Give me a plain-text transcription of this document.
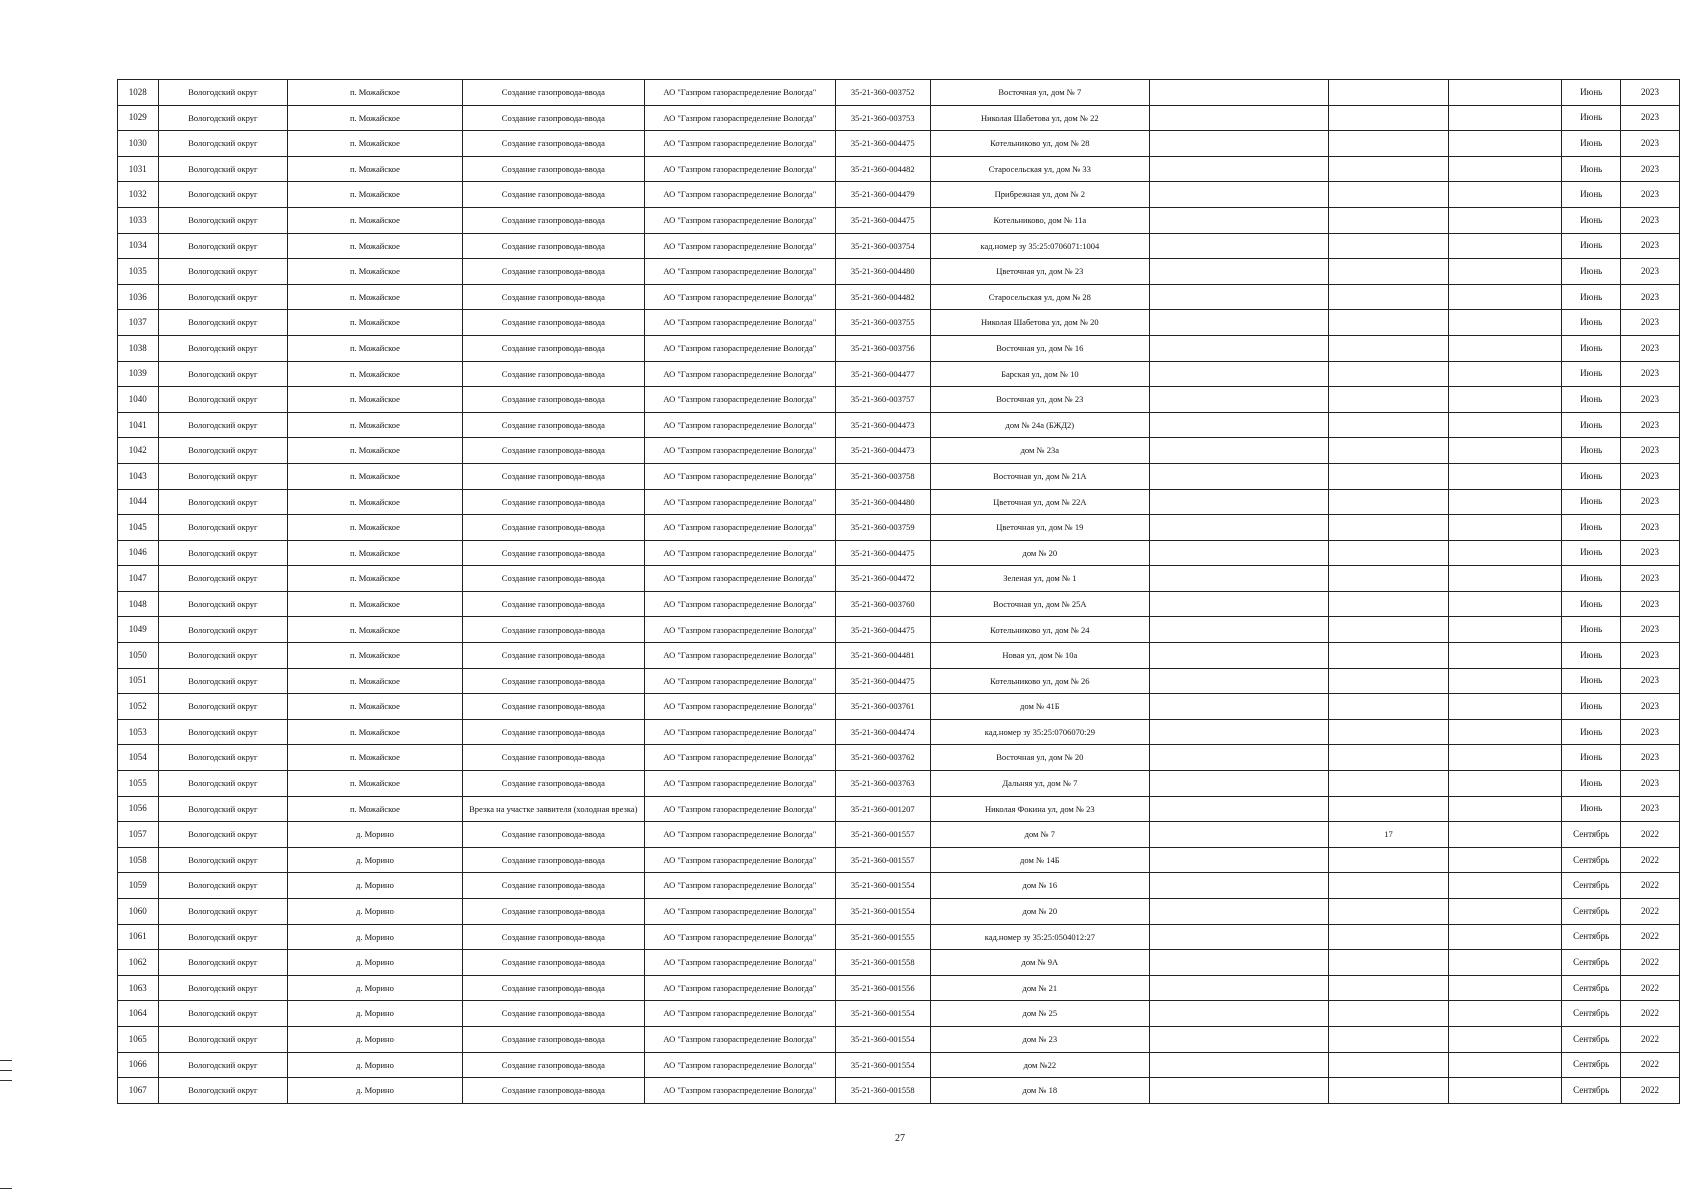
1028	Вологодский округ	п. Можайское	Создание газопровода-ввода	АО "Газпром газораспределение Вологда"	35-21-360-003752	Восточная ул, дом № 7				Июнь	2023
1029	Вологодский округ	п. Можайское	Создание газопровода-ввода	АО "Газпром газораспределение Вологда"	35-21-360-003753	Николая Шабетова ул, дом № 22				Июнь	2023
1030	Вологодский округ	п. Можайское	Создание газопровода-ввода	АО "Газпром газораспределение Вологда"	35-21-360-004475	Котельниково ул, дом № 28				Июнь	2023
1031	Вологодский округ	п. Можайское	Создание газопровода-ввода	АО "Газпром газораспределение Вологда"	35-21-360-004482	Старосельская ул, дом № 33				Июнь	2023
1032	Вологодский округ	п. Можайское	Создание газопровода-ввода	АО "Газпром газораспределение Вологда"	35-21-360-004479	Прибрежная ул, дом № 2				Июнь	2023
1033	Вологодский округ	п. Можайское	Создание газопровода-ввода	АО "Газпром газораспределение Вологда"	35-21-360-004475	Котельниково, дом № 11а				Июнь	2023
1034	Вологодский округ	п. Можайское	Создание газопровода-ввода	АО "Газпром газораспределение Вологда"	35-21-360-003754	кад.номер зу 35:25:0706071:1004				Июнь	2023
1035	Вологодский округ	п. Можайское	Создание газопровода-ввода	АО "Газпром газораспределение Вологда"	35-21-360-004480	Цветочная ул, дом № 23				Июнь	2023
1036	Вологодский округ	п. Можайское	Создание газопровода-ввода	АО "Газпром газораспределение Вологда"	35-21-360-004482	Старосельская ул, дом № 28				Июнь	2023
1037	Вологодский округ	п. Можайское	Создание газопровода-ввода	АО "Газпром газораспределение Вологда"	35-21-360-003755	Николая Шабетова ул, дом № 20				Июнь	2023
1038	Вологодский округ	п. Можайское	Создание газопровода-ввода	АО "Газпром газораспределение Вологда"	35-21-360-003756	Восточная ул, дом № 16				Июнь	2023
1039	Вологодский округ	п. Можайское	Создание газопровода-ввода	АО "Газпром газораспределение Вологда"	35-21-360-004477	Барская ул, дом № 10				Июнь	2023
1040	Вологодский округ	п. Можайское	Создание газопровода-ввода	АО "Газпром газораспределение Вологда"	35-21-360-003757	Восточная ул, дом № 23				Июнь	2023
1041	Вологодский округ	п. Можайское	Создание газопровода-ввода	АО "Газпром газораспределение Вологда"	35-21-360-004473	дом № 24а (БЖД2)				Июнь	2023
1042	Вологодский округ	п. Можайское	Создание газопровода-ввода	АО "Газпром газораспределение Вологда"	35-21-360-004473	дом № 23а				Июнь	2023
1043	Вологодский округ	п. Можайское	Создание газопровода-ввода	АО "Газпром газораспределение Вологда"	35-21-360-003758	Восточная ул, дом № 21А				Июнь	2023
1044	Вологодский округ	п. Можайское	Создание газопровода-ввода	АО "Газпром газораспределение Вологда"	35-21-360-004480	Цветочная ул, дом № 22А				Июнь	2023
1045	Вологодский округ	п. Можайское	Создание газопровода-ввода	АО "Газпром газораспределение Вологда"	35-21-360-003759	Цветочная ул, дом № 19				Июнь	2023
1046	Вологодский округ	п. Можайское	Создание газопровода-ввода	АО "Газпром газораспределение Вологда"	35-21-360-004475	дом № 20				Июнь	2023
1047	Вологодский округ	п. Можайское	Создание газопровода-ввода	АО "Газпром газораспределение Вологда"	35-21-360-004472	Зеленая ул, дом № 1				Июнь	2023
1048	Вологодский округ	п. Можайское	Создание газопровода-ввода	АО "Газпром газораспределение Вологда"	35-21-360-003760	Восточная ул, дом № 25А				Июнь	2023
1049	Вологодский округ	п. Можайское	Создание газопровода-ввода	АО "Газпром газораспределение Вологда"	35-21-360-004475	Котельниково ул, дом № 24				Июнь	2023
1050	Вологодский округ	п. Можайское	Создание газопровода-ввода	АО "Газпром газораспределение Вологда"	35-21-360-004481	Новая ул, дом № 10а				Июнь	2023
1051	Вологодский округ	п. Можайское	Создание газопровода-ввода	АО "Газпром газораспределение Вологда"	35-21-360-004475	Котельниково ул, дом № 26				Июнь	2023
1052	Вологодский округ	п. Можайское	Создание газопровода-ввода	АО "Газпром газораспределение Вологда"	35-21-360-003761	дом № 41Б				Июнь	2023
1053	Вологодский округ	п. Можайское	Создание газопровода-ввода	АО "Газпром газораспределение Вологда"	35-21-360-004474	кад.номер зу 35:25:0706070:29				Июнь	2023
1054	Вологодский округ	п. Можайское	Создание газопровода-ввода	АО "Газпром газораспределение Вологда"	35-21-360-003762	Восточная ул, дом № 20				Июнь	2023
1055	Вологодский округ	п. Можайское	Создание газопровода-ввода	АО "Газпром газораспределение Вологда"	35-21-360-003763	Дальняя ул, дом № 7				Июнь	2023
1056	Вологодский округ	п. Можайское	Врезка на участке заявителя (холодная врезка)	АО "Газпром газораспределение Вологда"	35-21-360-001207	Николая Фокина ул, дом № 23				Июнь	2023
1057	Вологодский округ	д. Морино	Создание газопровода-ввода	АО "Газпром газораспределение Вологда"	35-21-360-001557	дом № 7		17		Сентябрь	2022
1058	Вологодский округ	д. Морино	Создание газопровода-ввода	АО "Газпром газораспределение Вологда"	35-21-360-001557	дом № 14Б				Сентябрь	2022
1059	Вологодский округ	д. Морино	Создание газопровода-ввода	АО "Газпром газораспределение Вологда"	35-21-360-001554	дом № 16				Сентябрь	2022
1060	Вологодский округ	д. Морино	Создание газопровода-ввода	АО "Газпром газораспределение Вологда"	35-21-360-001554	дом № 20				Сентябрь	2022
1061	Вологодский округ	д. Морино	Создание газопровода-ввода	АО "Газпром газораспределение Вологда"	35-21-360-001555	кад.номер зу 35:25:0504012:27				Сентябрь	2022
1062	Вологодский округ	д. Морино	Создание газопровода-ввода	АО "Газпром газораспределение Вологда"	35-21-360-001558	дом № 9А				Сентябрь	2022
1063	Вологодский округ	д. Морино	Создание газопровода-ввода	АО "Газпром газораспределение Вологда"	35-21-360-001556	дом № 21				Сентябрь	2022
1064	Вологодский округ	д. Морино	Создание газопровода-ввода	АО "Газпром газораспределение Вологда"	35-21-360-001554	дом № 25				Сентябрь	2022
1065	Вологодский округ	д. Морино	Создание газопровода-ввода	АО "Газпром газораспределение Вологда"	35-21-360-001554	дом № 23				Сентябрь	2022
1066	Вологодский округ	д. Морино	Создание газопровода-ввода	АО "Газпром газораспределение Вологда"	35-21-360-001554	дом №22				Сентябрь	2022
1067	Вологодский округ	д. Морино	Создание газопровода-ввода	АО "Газпром газораспределение Вологда"	35-21-360-001558	дом № 18				Сентябрь	2022
27
